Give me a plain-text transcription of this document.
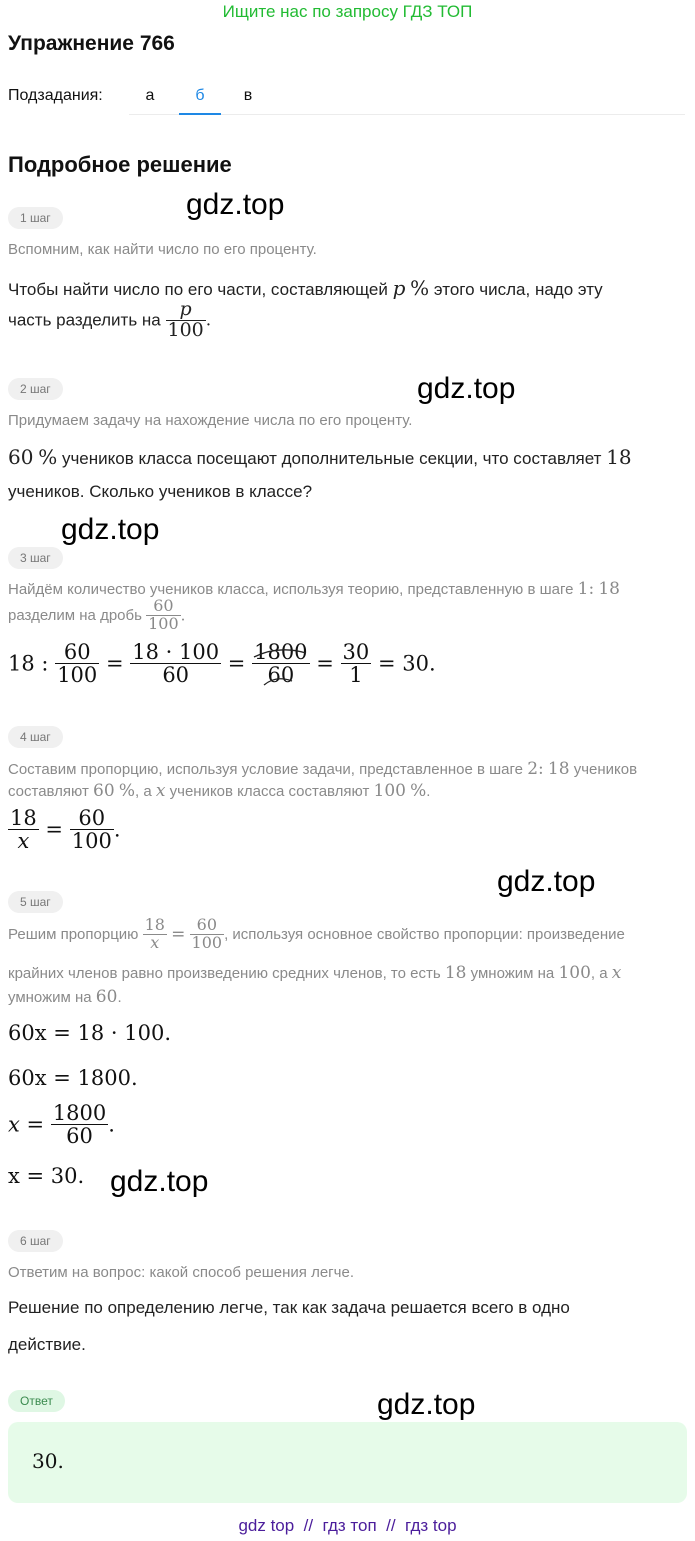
Ищите нас по запросу ГДЗ ТОП
Упражнение 766
Подзадания:	а	б	в
Подробное решение
1 шаг	gdz.top
Вспомним, как найти число по его проценту.
Чтобы найти число по его части, составляющей p % этого числа, надо эту
часть разделить на $\frac{p}{100}$ .
2 шаг	gdz.top
Придумаем задачу на нахождение числа по его проценту.
60 % учеников класса посещают дополнительные секции, что составляет 18
учеников. Сколько учеников в классе?
gdz.top
3 шаг
Найдём количество учеников класса, используя теорию, представленную в шаге 1: 18
разделим на дробь $\frac{60}{100}$ .
18 : $\frac{60}{100} = \frac{18 \cdot 100}{60} = \frac{1800}{60} = \frac{30}{1} = 30$.
4 шаг
Составим пропорцию, используя условие задачи, представленное в шаге 2: 18 учеников
составляют 60 %, а x учеников класса составляют 100 %.
$\frac{18}{x} = \frac{60}{100}$ .
gdz.top
5 шаг
Решим пропорцию $\frac{18}{x} = \frac{60}{100}$ , используя основное свойство пропорции: произведение
крайних членов равно произведению средних членов, то есть 18 умножим на 100, а x
умножим на 60.
60x = 18 · 100.
60x = 1800.
$x = \frac{1800}{60}$ .
x = 30. gdz.top
6 шаг
Ответим на вопрос: какой способ решения легче.
Решение по определению легче, так как задача решается всего в одно
действие.
Ответ	gdz.top
30.
gdz top  //  гдз топ  //  гдз top
